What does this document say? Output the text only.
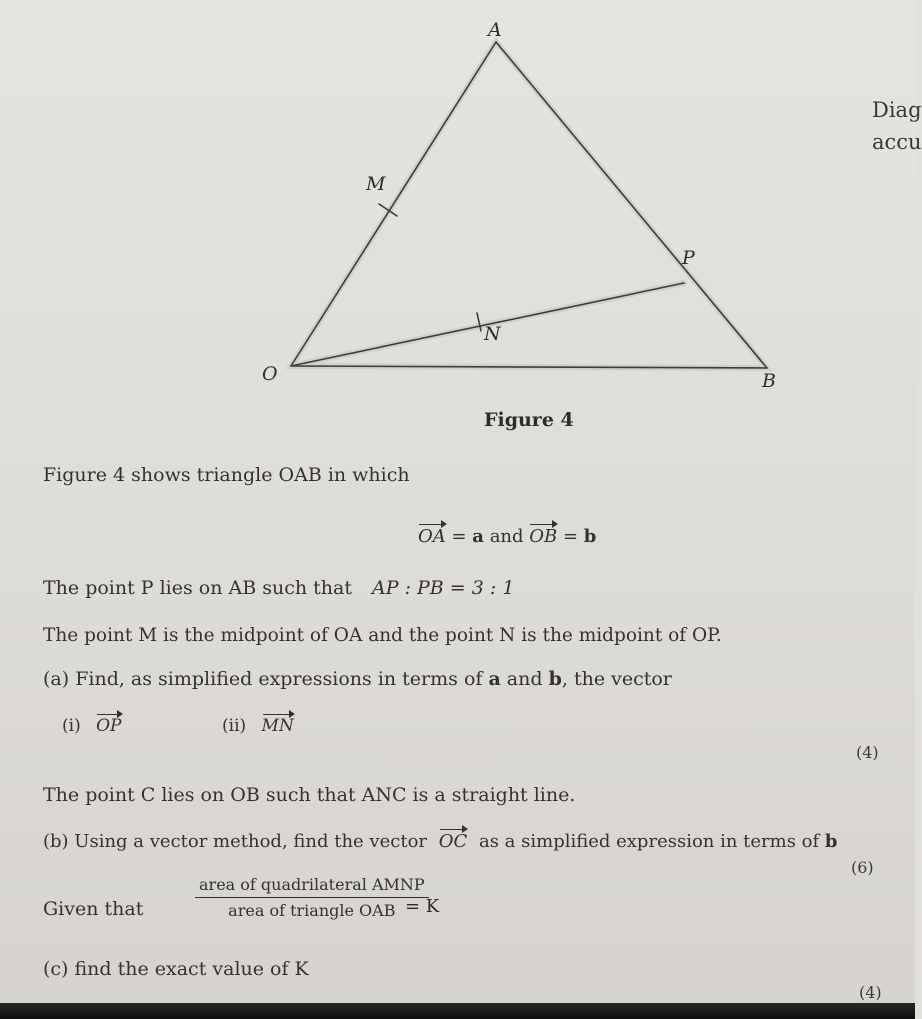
A
M
P
N
O	B
Diag
accu
Figure 4
Figure 4 shows triangle OAB in which
OA = a and OB = b
The point P lies on AB such that AP : PB = 3 : 1
The point M is the midpoint of OA and the point N is the midpoint of OP.
(a) Find, as simplified expressions in terms of a and b, the vector
(i) OP	(ii) MN
(4)
The point C lies on OB such that ANC is a straight line.
(b) Using a vector method, find the vector OC as a simplified expression in terms of b
(6)
Given that
area of quadrilateral AMNP
area of triangle OAB = K
(c) find the exact value of K
(4)
